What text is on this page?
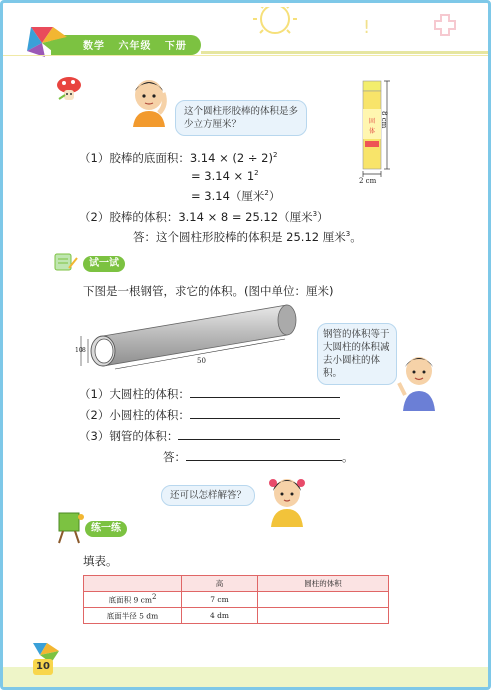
!
数学 六年级 下册
这个圆柱形胶棒的体积是多少立方厘米？	固
体
8 cm
2 cm
（1）胶棒的底面积：$3.14 \times (2 \div 2)^2$
= $3.14 \times 1^2$
= 3.14（厘米$^2$）
（2）胶棒的体积：3.14 × 8 = 25.12（厘米$^3$）
答：这个圆柱形胶棒的体积是 25.12 厘米$^3$。
试一试
下图是一根钢管，求它的体积。(图中单位：厘米)
50
10 8
钢管的体积等于大圆柱的体积减去小圆柱的体积。
（1）大圆柱的体积：
（2）小圆柱的体积：
（3）钢管的体积：
答：	。
还可以怎样解答？
练一练
填表。
	高	圆柱的体积
底面积 9 $cm^2$	7 cm	
底面半径 5 dm	4 dm	
10
